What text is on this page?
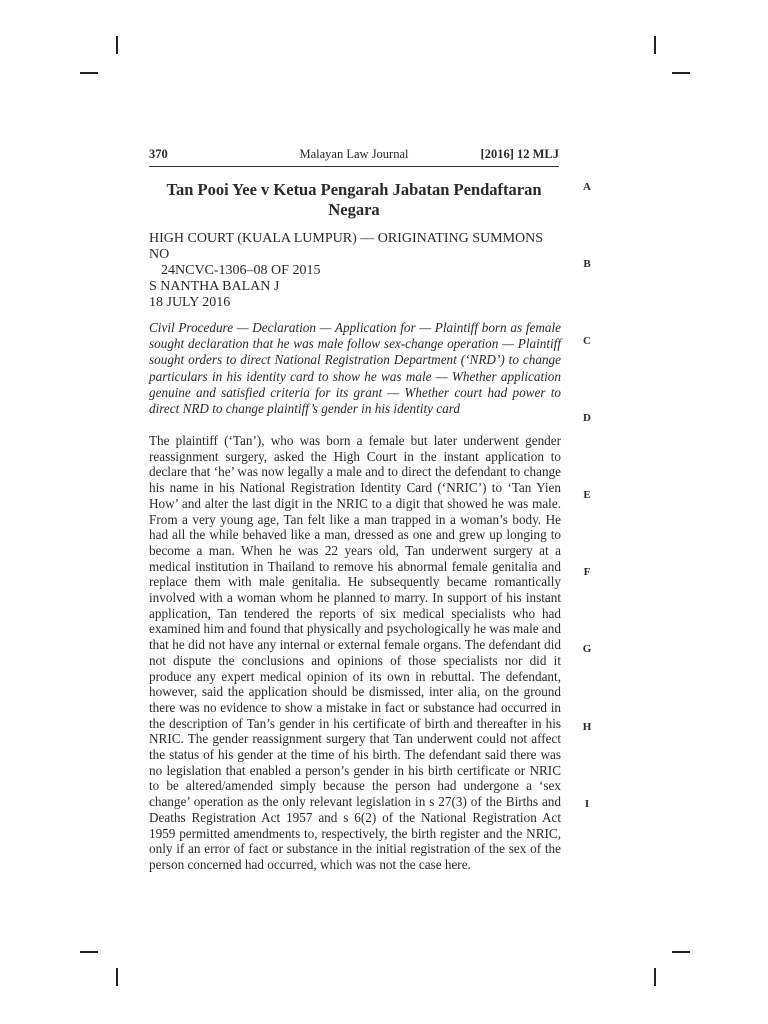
370	Malayan Law Journal	[2016] 12 MLJ
Tan Pooi Yee v Ketua Pengarah Jabatan Pendaftaran Negara
HIGH COURT (KUALA LUMPUR) — ORIGINATING SUMMONS NO
24NCVC-1306–08 OF 2015
S NANTHA BALAN J
18 JULY 2016
Civil Procedure — Declaration — Application for — Plaintiff born as female sought declaration that he was male follow sex-change operation — Plaintiff sought orders to direct National Registration Department (‘NRD’) to change particulars in his identity card to show he was male — Whether application genuine and satisfied criteria for its grant — Whether court had power to direct NRD to change plaintiff’s gender in his identity card
The plaintiff (‘Tan’), who was born a female but later underwent gender reassignment surgery, asked the High Court in the instant application to declare that ‘he’ was now legally a male and to direct the defendant to change his name in his National Registration Identity Card (‘NRIC’) to ‘Tan Yien How’ and alter the last digit in the NRIC to a digit that showed he was male. From a very young age, Tan felt like a man trapped in a woman’s body. He had all the while behaved like a man, dressed as one and grew up longing to become a man. When he was 22 years old, Tan underwent surgery at a medical institution in Thailand to remove his abnormal female genitalia and replace them with male genitalia. He subsequently became romantically involved with a woman whom he planned to marry. In support of his instant application, Tan tendered the reports of six medical specialists who had examined him and found that physically and psychologically he was male and that he did not have any internal or external female organs. The defendant did not dispute the conclusions and opinions of those specialists nor did it produce any expert medical opinion of its own in rebuttal. The defendant, however, said the application should be dismissed, inter alia, on the ground there was no evidence to show a mistake in fact or substance had occurred in the description of Tan’s gender in his certificate of birth and thereafter in his NRIC. The gender reassignment surgery that Tan underwent could not affect the status of his gender at the time of his birth. The defendant said there was no legislation that enabled a person’s gender in his birth certificate or NRIC to be altered/amended simply because the person had undergone a ‘sex change’ operation as the only relevant legislation in s 27(3) of the Births and Deaths Registration Act 1957 and s 6(2) of the National Registration Act 1959 permitted amendments to, respectively, the birth register and the NRIC, only if an error of fact or substance in the initial registration of the sex of the person concerned had occurred, which was not the case here.
A
B
C
D
E
F
G
H
I
